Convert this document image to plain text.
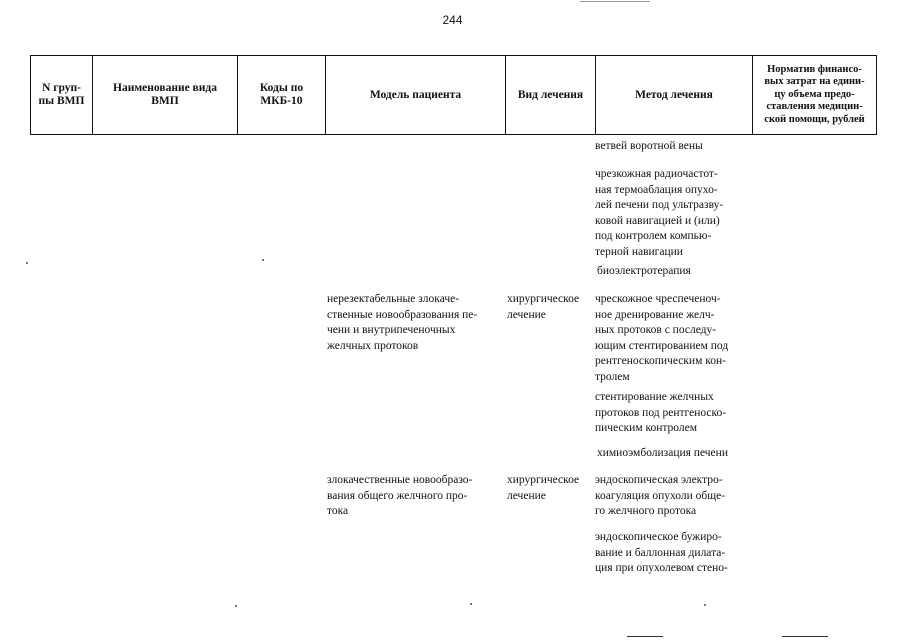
244
N груп-
пы ВМП
Наименование вида
ВМП
Коды по
МКБ-10
Модель пациента	Вид лечения	Метод лечения
Норматив финансо-
вых затрат на едини-
цу объема предо-
ставления медицин-
ской помощи, рублей
ветвей воротной вены
чрезкожная радиочастот-
ная термоаблация опухо-
лей печени под ультразву-
ковой навигацией и (или)
под контролем компью-
терной навигации
биоэлектротерапия
нерезектабельные злокаче-
ственные новообразования пе-
чени и внутрипеченочных
желчных протоков
хирургическое
лечение
чрескожное чреспеченоч-
ное дренирование желч-
ных протоков с последу-
ющим стентированием под
рентгеноскопическим кон-
тролем
стентирование желчных
протоков под рентгеноско-
пическим контролем
химиоэмболизация печени
злокачественные новообразо-
вания общего желчного про-
тока
хирургическое
лечение
эндоскопическая электро-
коагуляция опухоли обще-
го желчного протока
эндоскопическое бужиро-
вание и баллонная дилата-
ция при опухолевом стено-
